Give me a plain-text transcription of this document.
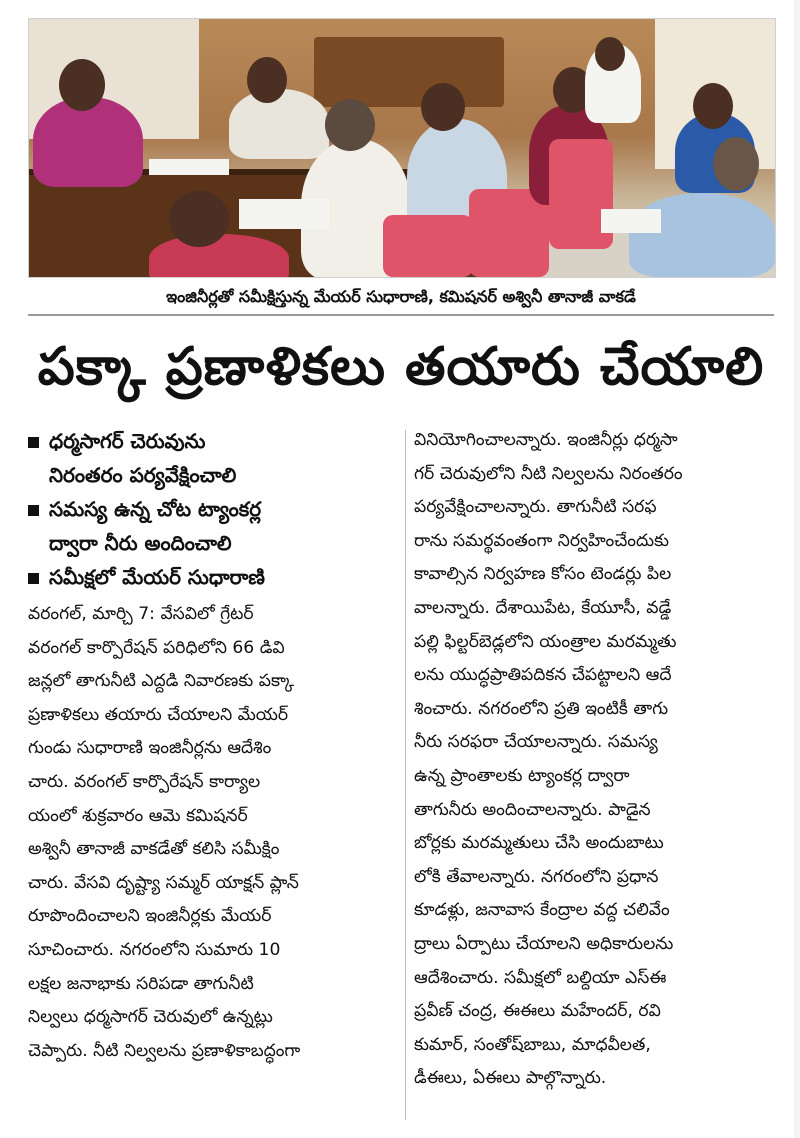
ఇంజినీర్లతో సమీక్షిస్తున్న మేయర్ సుధారాణి, కమిషనర్ అశ్వినీ తానాజీ వాకడే
పక్కా ప్రణాళికలు తయారు చేయాలి

ధర్మసాగర్ చెరువును

నిరంతరం పర్యవేక్షించాలి

సమస్య ఉన్న చోట ట్యాంకర్ల

ద్వారా నీరు అందించాలి

సమీక్షలో మేయర్ సుధారాణి

వరంగల్, మార్చి 7: వేసవిలో గ్రేటర్

వరంగల్ కార్పొరేషన్ పరిధిలోని 66 డివి

జన్లలో తాగునీటి ఎద్దడి నివారణకు పక్కా

ప్రణాళికలు తయారు చేయాలని మేయర్

గుండు సుధారాణి ఇంజినీర్లను ఆదేశిం

చారు. వరంగల్ కార్పొరేషన్ కార్యాల

యంలో శుక్రవారం ఆమె కమిషనర్

అశ్వినీ తానాజీ వాకడేతో కలిసి సమీక్షిం

చారు. వేసవి దృష్ట్యా సమ్మర్ యాక్షన్ ప్లాన్

రూపొందించాలని ఇంజినీర్లకు మేయర్

సూచించారు. నగరంలోని సుమారు 10

లక్షల జనాభాకు సరిపడా తాగునీటి

నిల్వలు ధర్మసాగర్ చెరువులో ఉన్నట్లు

చెప్పారు. నీటి నిల్వలను ప్రణాళికాబద్ధంగా

వినియోగించాలన్నారు. ఇంజినీర్లు ధర్మసా

గర్ చెరువులోని నీటి నిల్వలను నిరంతరం

పర్యవేక్షించాలన్నారు. తాగునీటి సరఫ

రాను సమర్థవంతంగా నిర్వహించేందుకు

కావాల్సిన నిర్వహణ కోసం టెండర్లు పిల

వాలన్నారు. దేశాయిపేట, కేయూసీ, వడ్డే

పల్లి ఫిల్టర్‌బెడ్లలోని యంత్రాల మరమ్మతు

లను యుద్ధప్రాతిపదికన చేపట్టాలని ఆదే

శించారు. నగరంలోని ప్రతి ఇంటికీ తాగు

నీరు సరఫరా చేయాలన్నారు. సమస్య

ఉన్న ప్రాంతాలకు ట్యాంకర్ల ద్వారా

తాగునీరు అందించాలన్నారు. పాడైన

బోర్లకు మరమ్మతులు చేసి అందుబాటు

లోకి తేవాలన్నారు. నగరంలోని ప్రధాన

కూడళ్లు, జనావాస కేంద్రాల వద్ద చలివేం

ద్రాలు ఏర్పాటు చేయాలని అధికారులను

ఆదేశించారు. సమీక్షలో బల్దియా ఎస్ఈ

ప్రవీణ్ చంద్ర, ఈఈలు మహేందర్, రవి

కుమార్, సంతోష్‌బాబు, మాధవీలత,

డీఈలు, ఏఈలు పాల్గొన్నారు.
